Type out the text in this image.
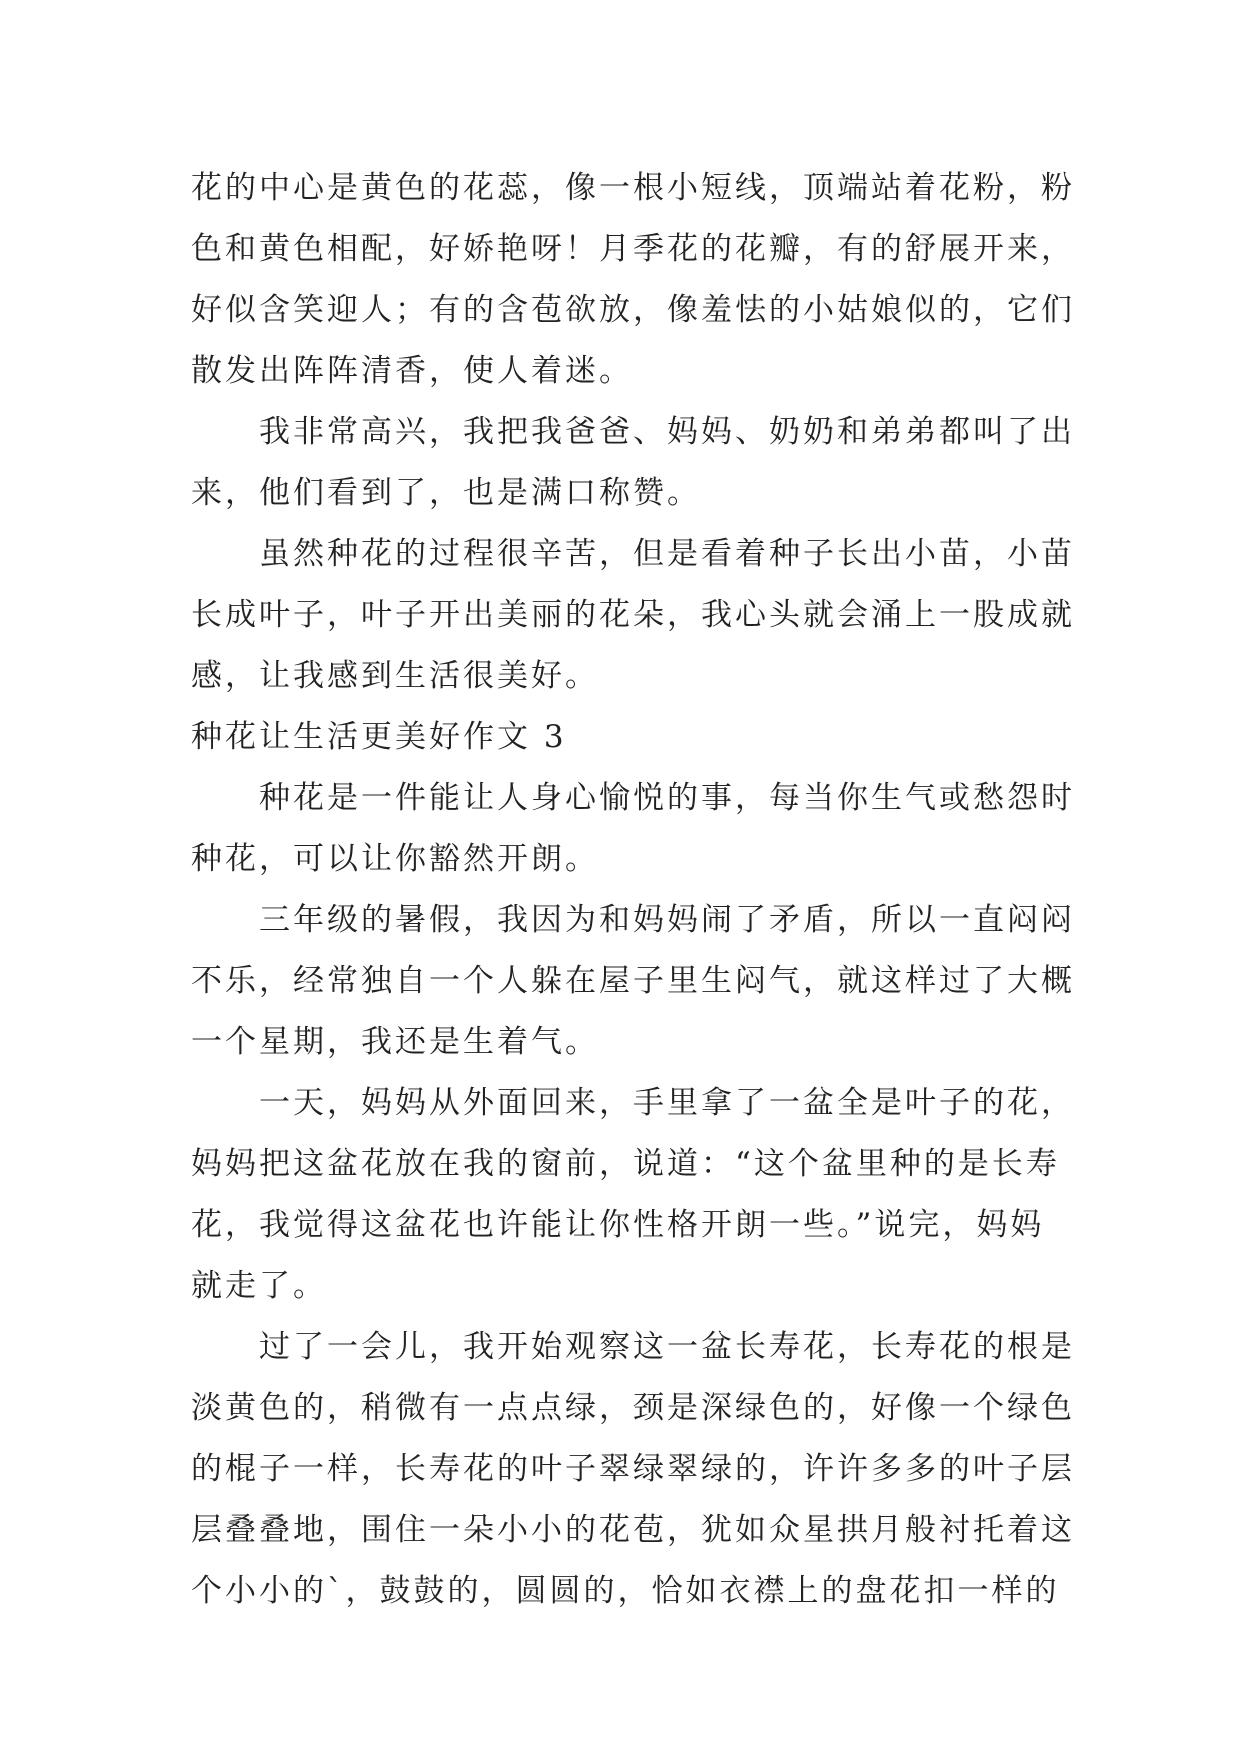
花的中心是黄色的花蕊，像一根小短线，顶端站着花粉，粉
色和黄色相配，好娇艳呀！月季花的花瓣，有的舒展开来，
好似含笑迎人；有的含苞欲放，像羞怯的小姑娘似的，它们
散发出阵阵清香，使人着迷。
　　我非常高兴，我把我爸爸、妈妈、奶奶和弟弟都叫了出
来，他们看到了，也是满口称赞。
　　虽然种花的过程很辛苦，但是看着种子长出小苗，小苗
长成叶子，叶子开出美丽的花朵，我心头就会涌上一股成就
感，让我感到生活很美好。
种花让生活更美好作文 3
　　种花是一件能让人身心愉悦的事，每当你生气或愁怨时
种花，可以让你豁然开朗。
　　三年级的暑假，我因为和妈妈闹了矛盾，所以一直闷闷
不乐，经常独自一个人躲在屋子里生闷气，就这样过了大概
一个星期，我还是生着气。
　　一天，妈妈从外面回来，手里拿了一盆全是叶子的花，
妈妈把这盆花放在我的窗前，说道：“这个盆里种的是长寿
花，我觉得这盆花也许能让你性格开朗一些。”说完，妈妈
就走了。
　　过了一会儿，我开始观察这一盆长寿花，长寿花的根是
淡黄色的，稍微有一点点绿，颈是深绿色的，好像一个绿色
的棍子一样，长寿花的叶子翠绿翠绿的，许许多多的叶子层
层叠叠地，围住一朵小小的花苞，犹如众星拱月般衬托着这
个小小的`，鼓鼓的，圆圆的，恰如衣襟上的盘花扣一样的
